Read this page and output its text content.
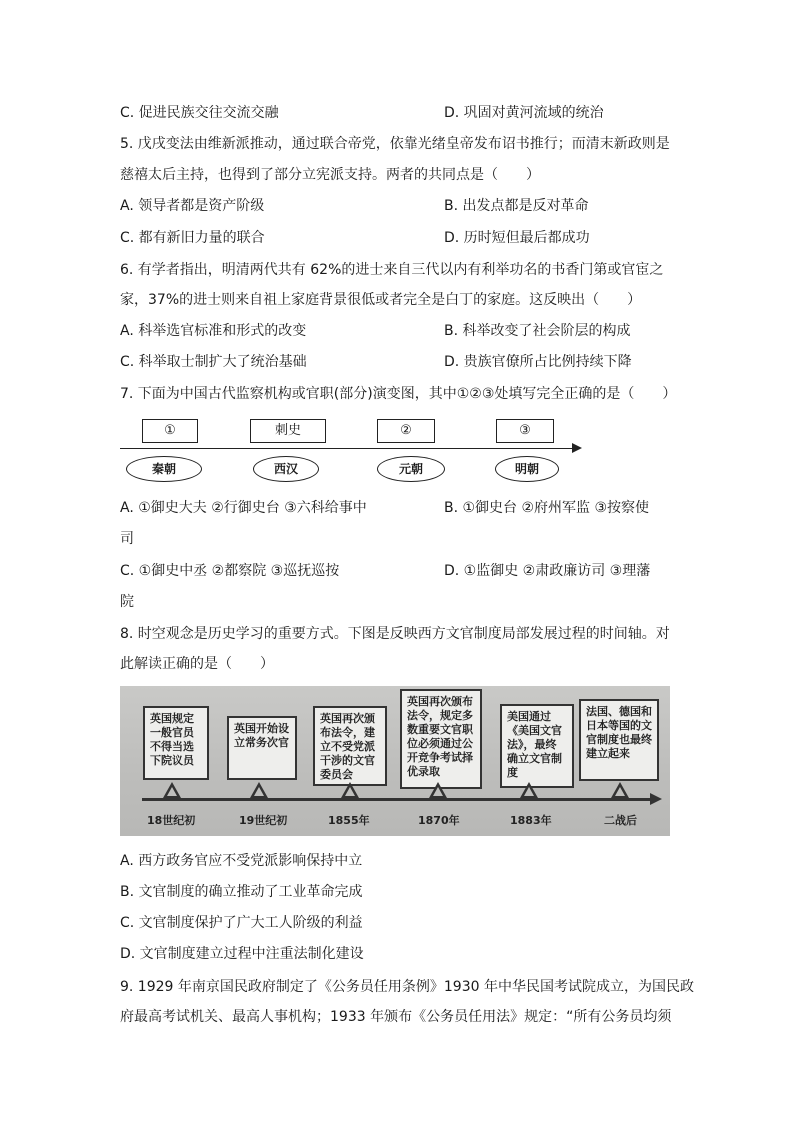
C. 促进民族交往交流交融	D. 巩固对黄河流域的统治
5. 戊戌变法由维新派推动，通过联合帝党，依靠光绪皇帝发布诏书推行；而清末新政则是
慈禧太后主持，也得到了部分立宪派支持。两者的共同点是（　　）
A. 领导者都是资产阶级	B. 出发点都是反对革命
C. 都有新旧力量的联合	D. 历时短但最后都成功
6. 有学者指出，明清两代共有 62%的进士来自三代以内有利举功名的书香门第或官宦之
家，37%的进士则来自祖上家庭背景很低或者完全是白丁的家庭。这反映出（　　）
A. 科举选官标准和形式的改变	B. 科举改变了社会阶层的构成
C. 科举取士制扩大了统治基础	D. 贵族官僚所占比例持续下降
7. 下面为中国古代监察机构或官职(部分)演变图，其中①②③处填写完全正确的是（　　）
①	刺史	②	③
秦朝	西汉	元朝	明朝
A. ①御史大夫 ②行御史台 ③六科给事中	B. ①御史台 ②府州军监 ③按察使
司
C. ①御史中丞 ②都察院 ③巡抚巡按	D. ①监御史 ②肃政廉访司 ③理藩
院
8. 时空观念是历史学习的重要方式。下图是反映西方文官制度局部发展过程的时间轴。对
此解读正确的是（　　）
英国规定一般官员不得当选下院议员
英国开始设立常务次官
英国再次颁布法令，建立不受党派干涉的文官委员会
英国再次颁布法令，规定多数重要文官职位必须通过公开竞争考试择优录取
美国通过《美国文官法》，最终确立文官制度
法国、德国和日本等国的文官制度也最终建立起来
18世纪初	19世纪初	1855年	1870年	1883年	二战后
A. 西方政务官应不受党派影响保持中立
B. 文官制度的确立推动了工业革命完成
C. 文官制度保护了广大工人阶级的利益
D. 文官制度建立过程中注重法制化建设
9. 1929 年南京国民政府制定了《公务员任用条例》1930 年中华民国考试院成立，为国民政
府最高考试机关、最高人事机构；1933 年颁布《公务员任用法》规定：“所有公务员均须
